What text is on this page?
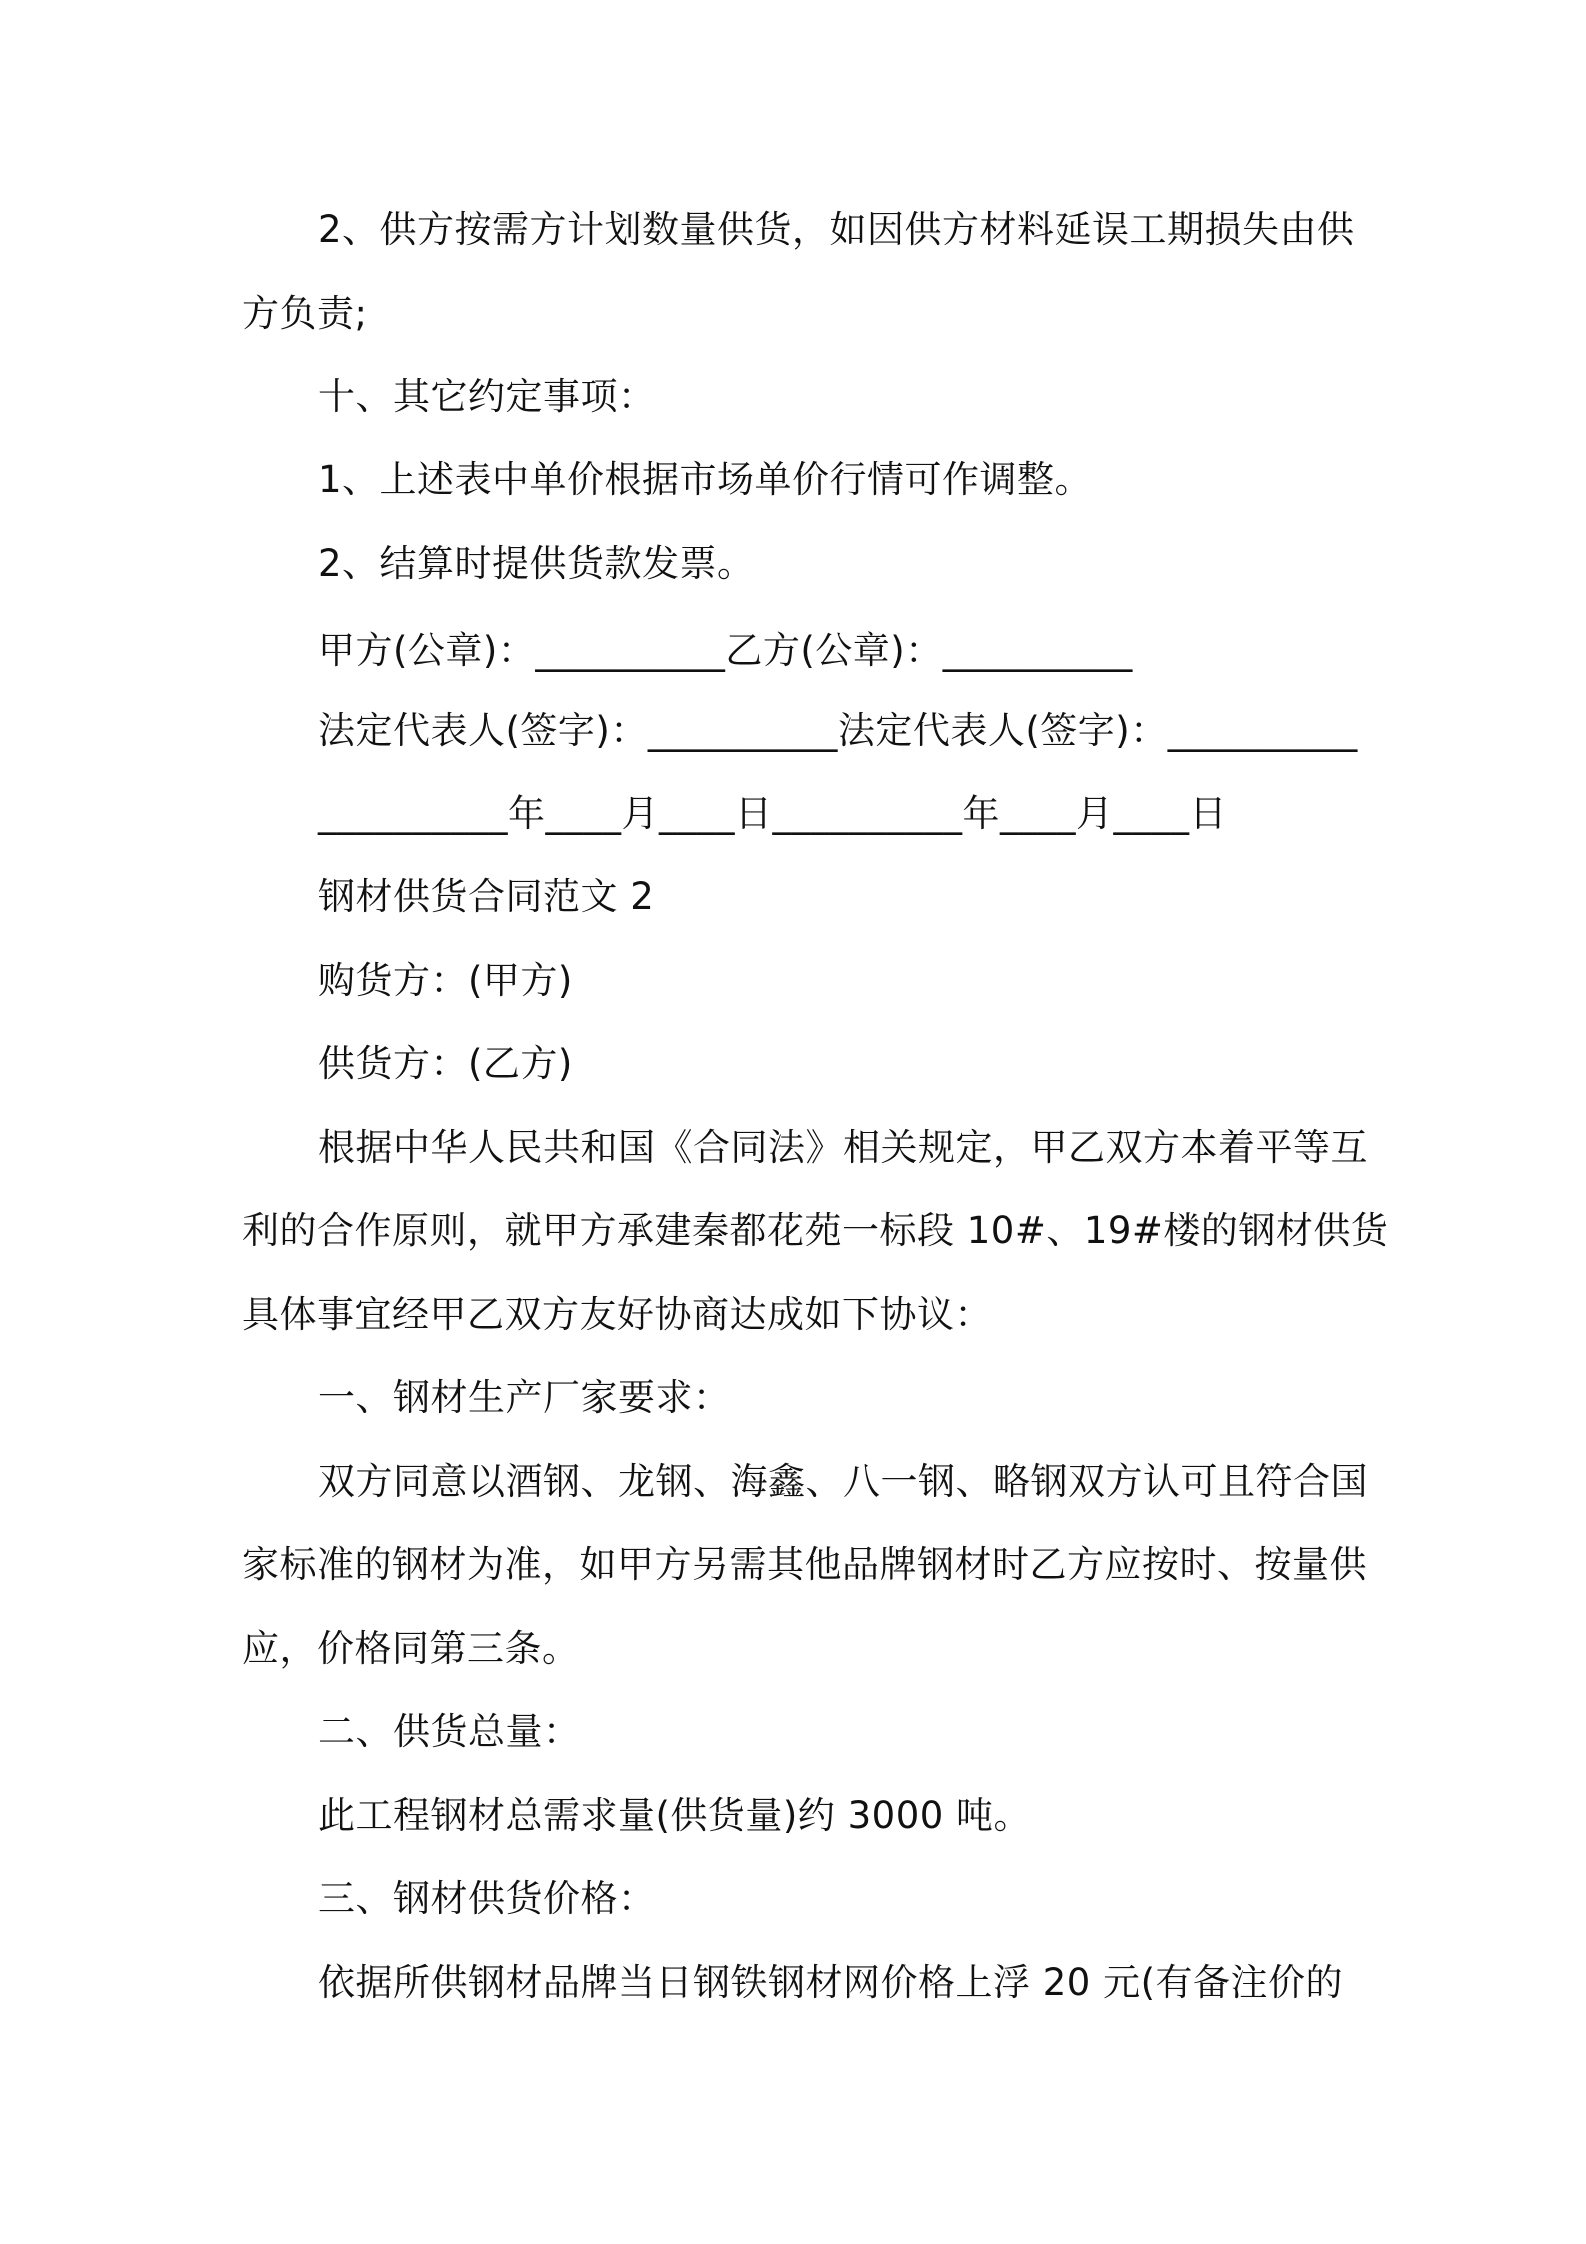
2、供方按需方计划数量供货，如因供方材料延误工期损失由供
方负责;
十、其它约定事项：
1、上述表中单价根据市场单价行情可作调整。
2、结算时提供货款发票。
甲方(公章)：__________乙方(公章)：__________
法定代表人(签字)：__________法定代表人(签字)：__________
__________年____月____日__________年____月____日
钢材供货合同范文 2
购货方：(甲方)
供货方：(乙方)
根据中华人民共和国《合同法》相关规定，甲乙双方本着平等互
利的合作原则，就甲方承建秦都花苑一标段 10#、19#楼的钢材供货
具体事宜经甲乙双方友好协商达成如下协议：
一、钢材生产厂家要求：
双方同意以酒钢、龙钢、海鑫、八一钢、略钢双方认可且符合国
家标准的钢材为准，如甲方另需其他品牌钢材时乙方应按时、按量供
应，价格同第三条。
二、供货总量：
此工程钢材总需求量(供货量)约 3000 吨。
三、钢材供货价格：
依据所供钢材品牌当日钢铁钢材网价格上浮 20 元(有备注价的
